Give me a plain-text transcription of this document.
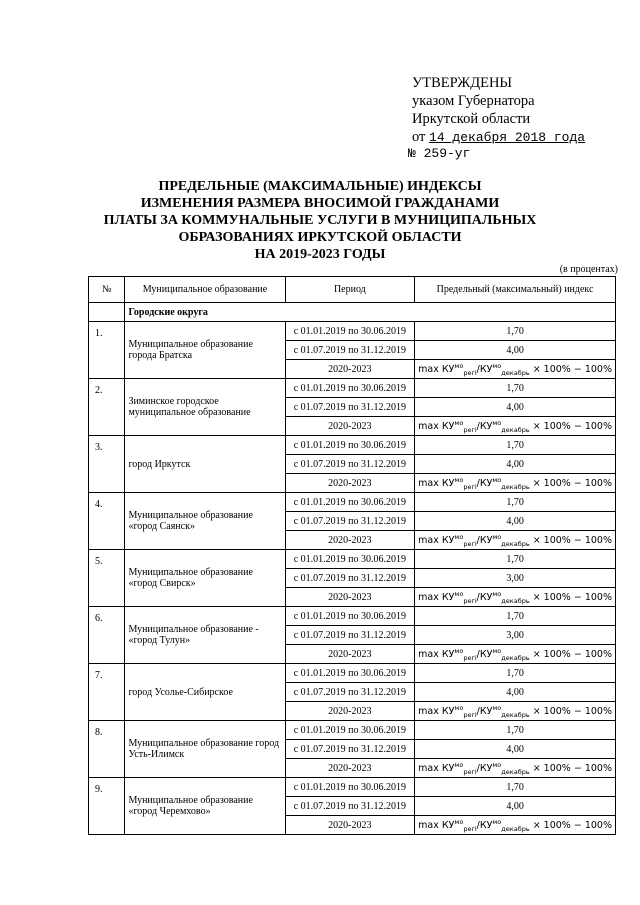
УТВЕРЖДЕНЫ
указом Губернатора
Иркутской области
от 14 декабря 2018 года
№ 259-уг
ПРЕДЕЛЬНЫЕ (МАКСИМАЛЬНЫЕ) ИНДЕКСЫ
ИЗМЕНЕНИЯ РАЗМЕРА ВНОСИМОЙ ГРАЖДАНАМИ
ПЛАТЫ ЗА КОММУНАЛЬНЫЕ УСЛУГИ В МУНИЦИПАЛЬНЫХ
ОБРАЗОВАНИЯХ ИРКУТСКОЙ ОБЛАСТИ
НА 2019-2023 ГОДЫ
(в процентах)
№	Муниципальное образование	Период	Предельный (максимальный) индекс
	Городские округа		
1.	Муниципальное образование города Братска	с 01.01.2019 по 30.06.2019	1,70
		с 01.07.2019 по 31.12.2019	4,00
		2020-2023	$\max КУ^{мо}_{регi}/КУ^{мо}_{декабрь} \times 100\% - 100\%$
2.	Зиминское городское муниципальное образование	с 01.01.2019 по 30.06.2019	1,70
		с 01.07.2019 по 31.12.2019	4,00
		2020-2023	$\max КУ^{мо}_{регi}/КУ^{мо}_{декабрь} \times 100\% - 100\%$
3.	город Иркутск	с 01.01.2019 по 30.06.2019	1,70
		с 01.07.2019 по 31.12.2019	4,00
		2020-2023	$\max КУ^{мо}_{регi}/КУ^{мо}_{декабрь} \times 100\% - 100\%$
4.	Муниципальное образование «город Саянск»	с 01.01.2019 по 30.06.2019	1,70
		с 01.07.2019 по 31.12.2019	4,00
		2020-2023	$\max КУ^{мо}_{регi}/КУ^{мо}_{декабрь} \times 100\% - 100\%$
5.	Муниципальное образование «город Свирск»	с 01.01.2019 по 30.06.2019	1,70
		с 01.07.2019 по 31.12.2019	3,00
		2020-2023	$\max КУ^{мо}_{регi}/КУ^{мо}_{декабрь} \times 100\% - 100\%$
6.	Муниципальное образование - «город Тулун»	с 01.01.2019 по 30.06.2019	1,70
		с 01.07.2019 по 31.12.2019	3,00
		2020-2023	$\max КУ^{мо}_{регi}/КУ^{мо}_{декабрь} \times 100\% - 100\%$
7.	город Усолье-Сибирское	с 01.01.2019 по 30.06.2019	1,70
		с 01.07.2019 по 31.12.2019	4,00
		2020-2023	$\max КУ^{мо}_{регi}/КУ^{мо}_{декабрь} \times 100\% - 100\%$
8.	Муниципальное образование город Усть-Илимск	с 01.01.2019 по 30.06.2019	1,70
		с 01.07.2019 по 31.12.2019	4,00
		2020-2023	$\max КУ^{мо}_{регi}/КУ^{мо}_{декабрь} \times 100\% - 100\%$
9.	Муниципальное образование «город Черемхово»	с 01.01.2019 по 30.06.2019	1,70
		с 01.07.2019 по 31.12.2019	4,00
		2020-2023	$\max КУ^{мо}_{регi}/КУ^{мо}_{декабрь} \times 100\% - 100\%$
